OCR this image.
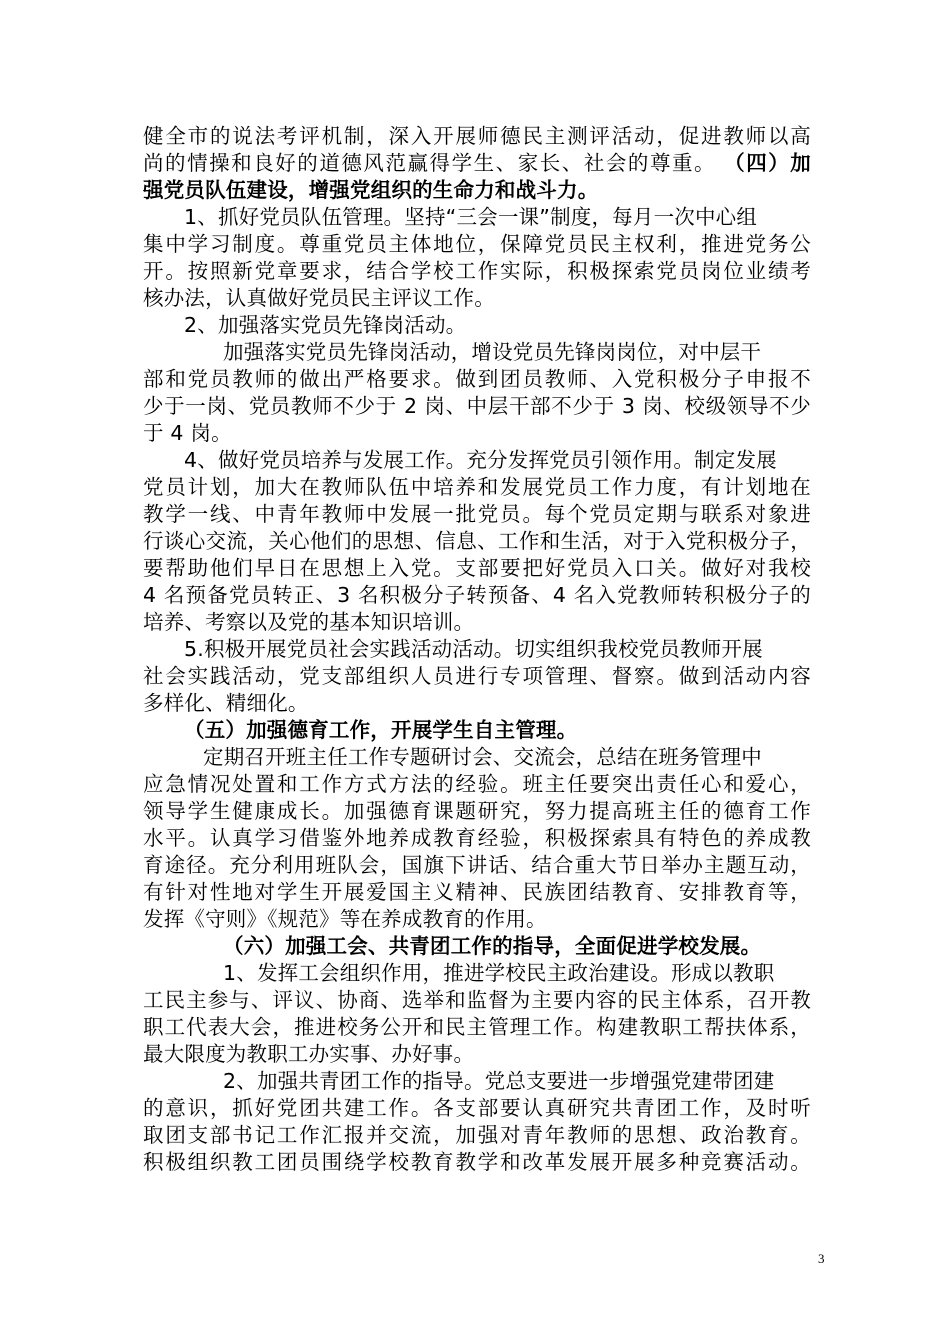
健全市的说法考评机制，深入开展师德民主测评活动，促进教师以高
尚的情操和良好的道德风范赢得学生、家长、社会的尊重。 （四）加
强党员队伍建设，增强党组织的生命力和战斗力。
1、抓好党员队伍管理。坚持“三会一课”制度，每月一次中心组
集中学习制度。尊重党员主体地位，保障党员民主权利，推进党务公
开。按照新党章要求，结合学校工作实际，积极探索党员岗位业绩考
核办法，认真做好党员民主评议工作。
2、加强落实党员先锋岗活动。
加强落实党员先锋岗活动，增设党员先锋岗岗位，对中层干
部和党员教师的做出严格要求。做到团员教师、入党积极分子申报不
少于一岗、党员教师不少于 2 岗、中层干部不少于 3 岗、校级领导不少
于 4 岗。
4、做好党员培养与发展工作。充分发挥党员引领作用。制定发展
党员计划，加大在教师队伍中培养和发展党员工作力度，有计划地在
教学一线、中青年教师中发展一批党员。每个党员定期与联系对象进
行谈心交流，关心他们的思想、信息、工作和生活，对于入党积极分子，
要帮助他们早日在思想上入党。支部要把好党员入口关。做好对我校
4 名预备党员转正、3 名积极分子转预备、4 名入党教师转积极分子的
培养、考察以及党的基本知识培训。
5.积极开展党员社会实践活动活动。切实组织我校党员教师开展
社会实践活动，党支部组织人员进行专项管理、督察。做到活动内容
多样化、精细化。
（五）加强德育工作，开展学生自主管理。
定期召开班主任工作专题研讨会、交流会，总结在班务管理中
应急情况处置和工作方式方法的经验。班主任要突出责任心和爱心，
领导学生健康成长。加强德育课题研究，努力提高班主任的德育工作
水平。认真学习借鉴外地养成教育经验，积极探索具有特色的养成教
育途径。充分利用班队会，国旗下讲话、结合重大节日举办主题互动，
有针对性地对学生开展爱国主义精神、民族团结教育、安排教育等，
发挥《守则》《规范》等在养成教育的作用。
（六）加强工会、共青团工作的指导，全面促进学校发展。
1、发挥工会组织作用，推进学校民主政治建设。形成以教职
工民主参与、评议、协商、选举和监督为主要内容的民主体系，召开教
职工代表大会，推进校务公开和民主管理工作。构建教职工帮扶体系，
最大限度为教职工办实事、办好事。
2、加强共青团工作的指导。党总支要进一步增强党建带团建
的意识，抓好党团共建工作。各支部要认真研究共青团工作，及时听
取团支部书记工作汇报并交流，加强对青年教师的思想、政治教育。
积极组织教工团员围绕学校教育教学和改革发展开展多种竞赛活动。
3
